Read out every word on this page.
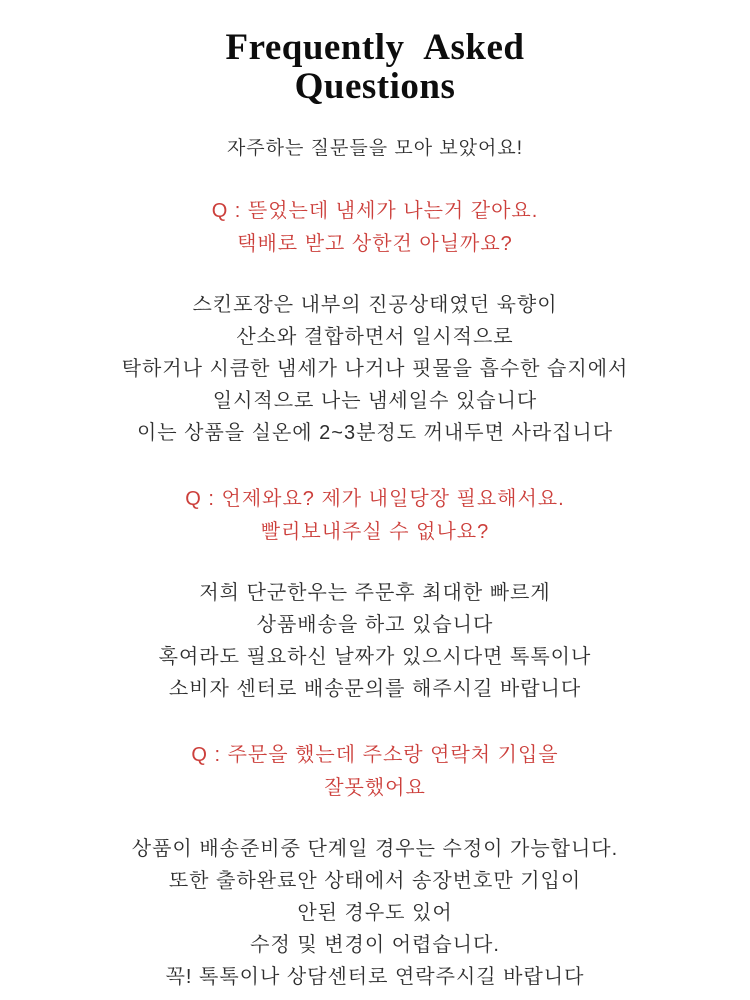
Frequently Asked
Questions

자주하는 질문들을 모아 보았어요!

Q : 뜯었는데 냄세가 나는거 같아요.
택배로 받고 상한건 아닐까요?
스킨포장은 내부의 진공상태였던 육향이
산소와 결합하면서 일시적으로
탁하거나 시큼한 냄세가 나거나 핏물을 흡수한 습지에서
일시적으로 나는 냄세일수 있습니다
이는 상품을 실온에 2~3분정도 꺼내두면 사라집니다
Q : 언제와요? 제가 내일당장 필요해서요.
빨리보내주실 수 없나요?
저희 단군한우는 주문후 최대한 빠르게
상품배송을 하고 있습니다
혹여라도 필요하신 날짜가 있으시다면 톡톡이나
소비자 센터로 배송문의를 해주시길 바랍니다
Q : 주문을 했는데 주소랑 연락처 기입을
잘못했어요
상품이 배송준비중 단계일 경우는 수정이 가능합니다.
또한 출하완료안 상태에서 송장번호만 기입이
안된 경우도 있어
수정 및 변경이 어렵습니다.
꼭! 톡톡이나 상담센터로 연락주시길 바랍니다
